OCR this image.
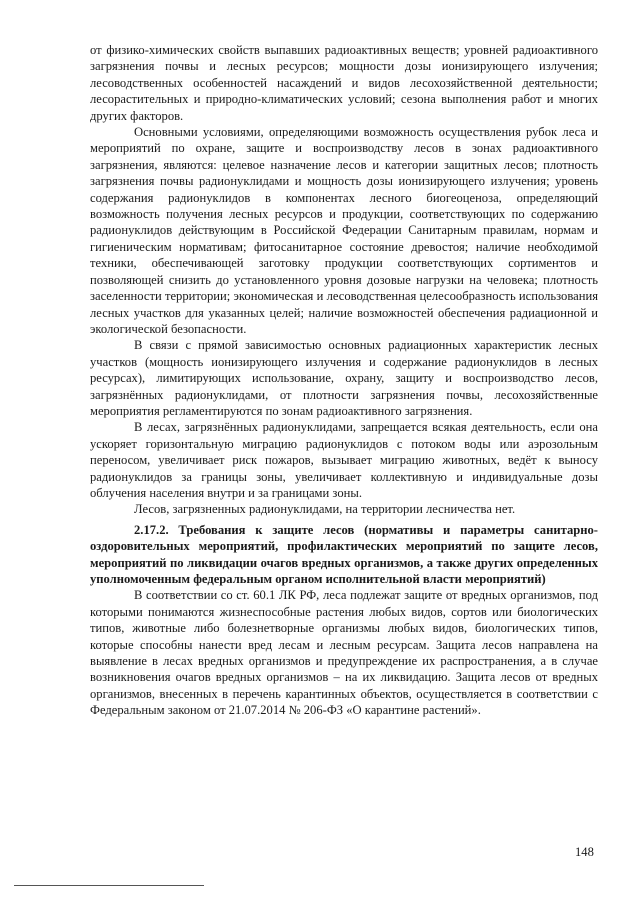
от физико-химических свойств выпавших радиоактивных веществ; уровней радиоактивного загрязнения почвы и лесных ресурсов; мощности дозы ионизирующего излучения; лесоводственных особенностей насаждений и видов лесохозяйственной деятельности; лесорастительных и природно-климатических условий; сезона выполнения работ и многих других факторов.

Основными условиями, определяющими возможность осуществления рубок леса и мероприятий по охране, защите и воспроизводству лесов в зонах радиоактивного загрязнения, являются: целевое назначение лесов и категории защитных лесов; плотность загрязнения почвы радионуклидами и мощность дозы ионизирующего излучения; уровень содержания радионуклидов в компонентах лесного биогеоценоза, определяющий возможность получения лесных ресурсов и продукции, соответствующих по содержанию радионуклидов действующим в Российской Федерации Санитарным правилам, нормам и гигиеническим нормативам; фитосанитарное состояние древостоя; наличие необходимой техники, обеспечивающей заготовку продукции соответствующих сортиментов и позволяющей снизить до установленного уровня дозовые нагрузки на человека; плотность заселенности территории; экономическая и лесоводственная целесообразность использования лесных участков для указанных целей; наличие возможностей обеспечения радиационной и экологической безопасности.

В связи с прямой зависимостью основных радиационных характеристик лесных участков (мощность ионизирующего излучения и содержание радионуклидов в лесных ресурсах), лимитирующих использование, охрану, защиту и воспроизводство лесов, загрязнённых радионуклидами, от плотности загрязнения почвы, лесохозяйственные мероприятия регламентируются по зонам радиоактивного загрязнения.

В лесах, загрязнённых радионуклидами, запрещается всякая деятельность, если она ускоряет горизонтальную миграцию радионуклидов с потоком воды или аэрозольным переносом, увеличивает риск пожаров, вызывает миграцию животных, ведёт к выносу радионуклидов за границы зоны, увеличивает коллективную и индивидуальные дозы облучения населения внутри и за границами зоны.

Лесов, загрязненных радионуклидами, на территории лесничества нет.

2.17.2. Требования к защите лесов (нормативы и параметры санитарно-оздоровительных мероприятий, профилактических мероприятий по защите лесов, мероприятий по ликвидации очагов вредных организмов, а также других определенных уполномоченным федеральным органом исполнительной власти мероприятий)

В соответствии со ст. 60.1 ЛК РФ, леса подлежат защите от вредных организмов, под которыми понимаются жизнеспособные растения любых видов, сортов или биологических типов, животные либо болезнетворные организмы любых видов, биологических типов, которые способны нанести вред лесам и лесным ресурсам. Защита лесов направлена на выявление в лесах вредных организмов и предупреждение их распространения, а в случае возникновения очагов вредных организмов – на их ликвидацию. Защита лесов от вредных организмов, внесенных в перечень карантинных объектов, осуществляется в соответствии с Федеральным законом от 21.07.2014 № 206-ФЗ «О карантине растений».

148
